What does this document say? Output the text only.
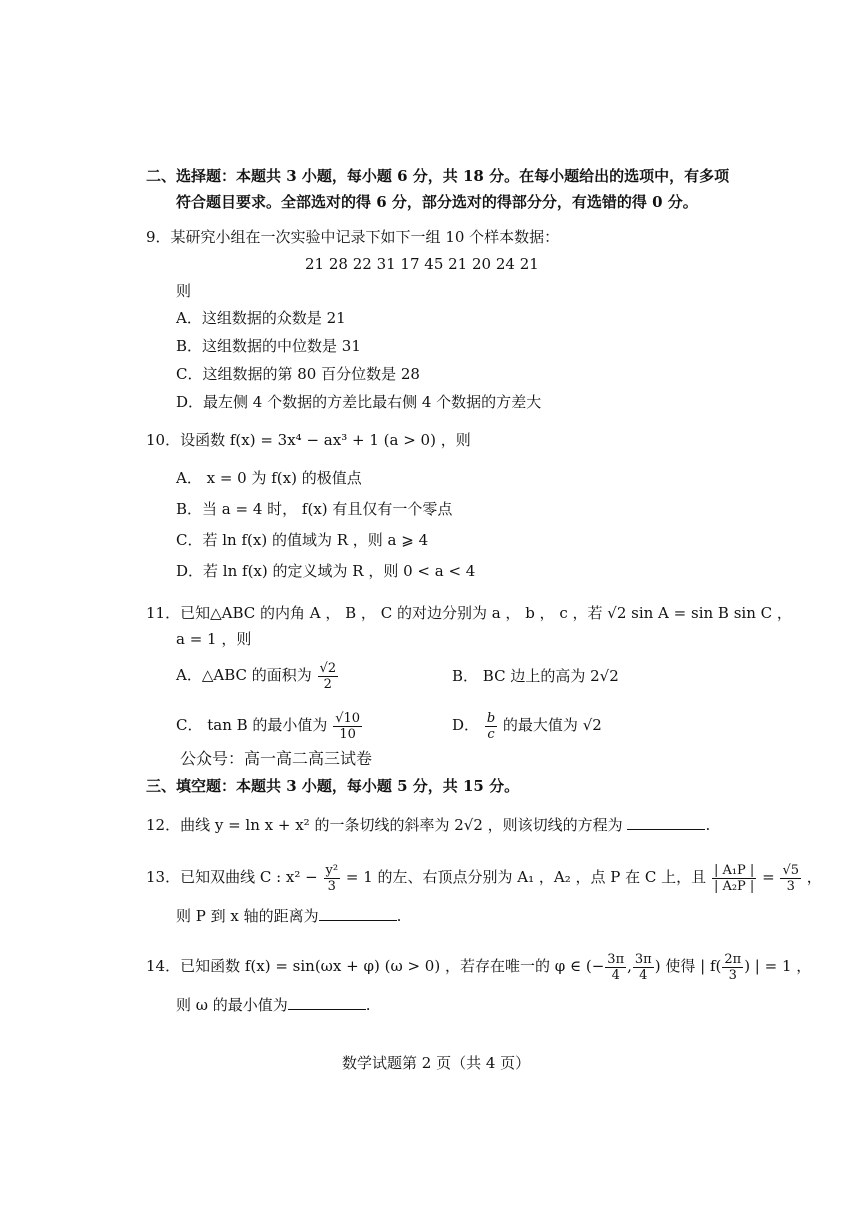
二、选择题：本题共 3 小题，每小题 6 分，共 18 分。在每小题给出的选项中，有多项
符合题目要求。全部选对的得 6 分，部分选对的得部分分，有选错的得 0 分。
9．某研究小组在一次实验中记录下如下一组 10 个样本数据：
21 28 22 31 17 45 21 20 24 21
则
A．这组数据的众数是 21
B．这组数据的中位数是 31
C．这组数据的第 80 百分位数是 28
D．最左侧 4 个数据的方差比最右侧 4 个数据的方差大
10．设函数 f(x) = 3x⁴ − ax³ + 1 (a > 0) ，则
A． x = 0 为 f(x) 的极值点
B．当 a = 4 时， f(x) 有且仅有一个零点
C．若 ln f(x) 的值域为 R ，则 a ⩾ 4
D．若 ln f(x) 的定义域为 R ，则 0 < a < 4
11．已知△ABC 的内角 A ， B ， C 的对边分别为 a ， b ， c ，若 √2 sin A = sin B sin C ，
a = 1 ，则
A．△ABC 的面积为 $\frac{√2}{2}$	B． BC 边上的高为 2√2
C． tan B 的最小值为 $\frac{√10}{10}$	D． $\frac{b}{c}$ 的最大值为 √2
公众号：高一高二高三试卷
三、填空题：本题共 3 小题，每小题 5 分，共 15 分。
12．曲线 y = ln x + x² 的一条切线的斜率为 2√2 ，则该切线的方程为	.
13．已知双曲线 C : $x^2 - \frac{\text{y²}}{3} = 1$ 的左、右顶点分别为 A₁ ，A₂ ，点 P 在 C 上，且 $\frac{\text{| A₁P |}}{\text{| A₂P |}} = \frac{√5}{3}$ ，
则 P 到 x 轴的距离为	.
14．已知函数 f(x) = sin(ωx + φ) (ω > 0) ，若存在唯一的 φ ∈ (− $\frac{3\pi}{4}$ , $\frac{3\pi}{4}$ ) 使得 | $f( \frac{2\pi}{3}$ ) | = 1 ，
则 ω 的最小值为	.
数学试题第 2 页（共 4 页）
